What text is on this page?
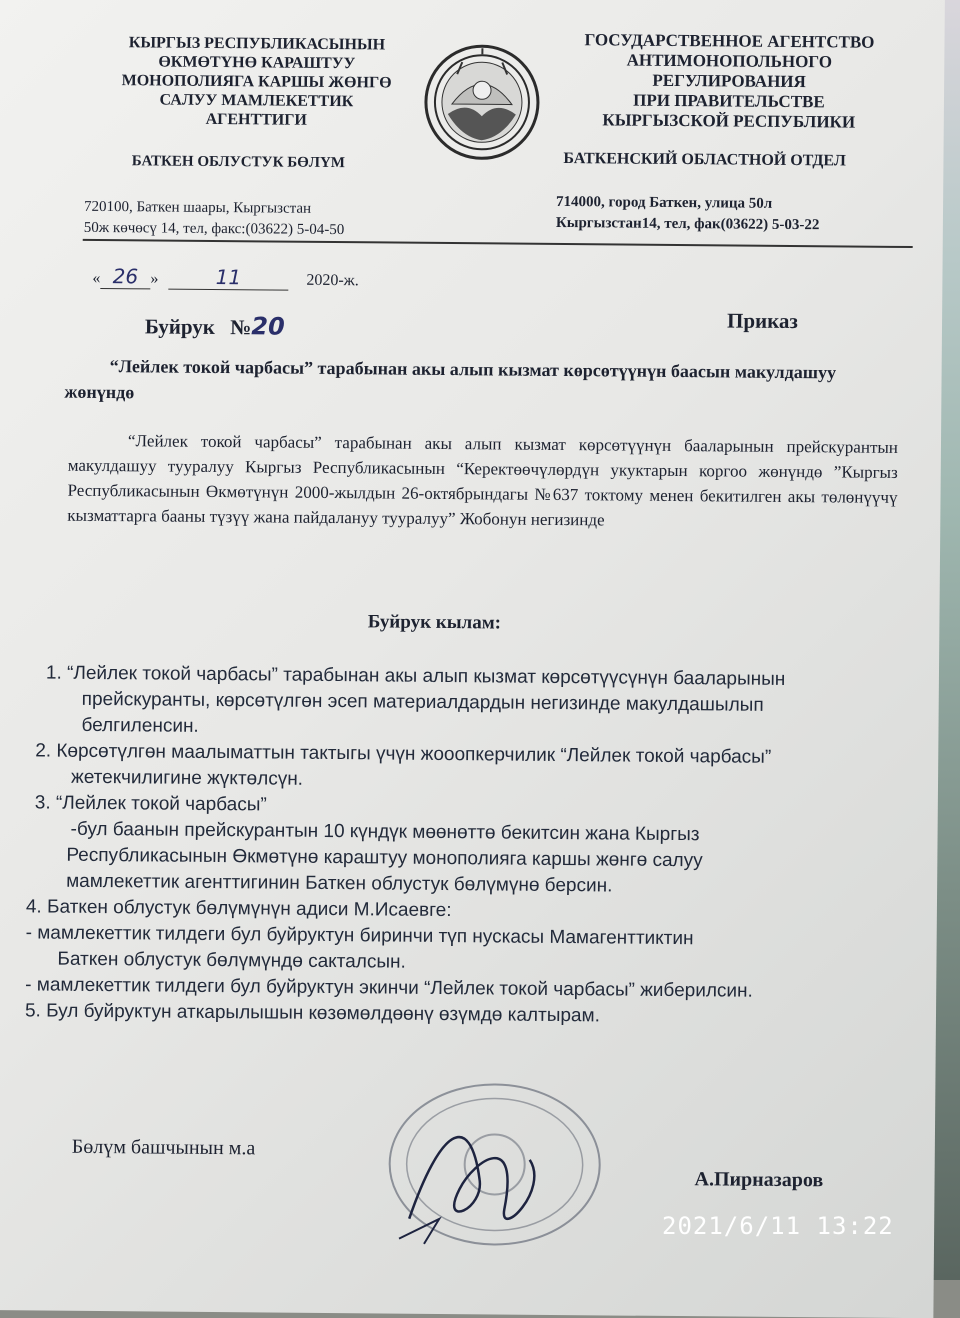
КЫРГЫЗ РЕСПУБЛИКАСЫНЫН
ӨКМӨТҮНӨ КАРАШТУУ
МОНОПОЛИЯГА КАРШЫ ЖӨНГӨ
САЛУУ МАМЛЕКЕТТИК
АГЕНТТИГИ
ГОСУДАРСТВЕННОЕ АГЕНТСТВО
АНТИМОНОПОЛЬНОГО
РЕГУЛИРОВАНИЯ
ПРИ ПРАВИТЕЛЬСТВЕ
КЫРГЫЗСКОЙ РЕСПУБЛИКИ
БАТКЕН ОБЛУСТУК БӨЛҮМ	БАТКЕНСКИЙ ОБЛАСТНОЙ ОТДЕЛ
720100, Баткен шаары, Кыргызстан
50ж көчөсү 14, тел, факс:(03622) 5-04-50
714000, город Баткен, улица 50л
Кыргызстан14, тел, фак(03622) 5-03-22
« 26 »	11	2020-ж.
Буйрук №20	Приказ
“Лейлек токой чарбасы” тарабынан акы алып кызмат көрсөтүүнүн баасын макулдашуу жөнүндө
“Лейлек токой чарбасы” тарабынан акы алып кызмат көрсөтүүнүн бааларынын прейскурантын макулдашуу тууралуу Кыргыз Республикасынын “Керектөөчүлөрдүн укуктарын коргоо жөнүндө ”Кыргыз Республикасынын Өкмөтүнүн 2000-жылдын 26-октябрындагы №637 токтому менен бекитилген акы төлөнүүчү кызматтарга бааны түзүү жана пайдалануу тууралуу” Жобонун негизинде
Буйрук кылам:

1. “Лейлек токой чарбасы” тарабынан акы алып кызмат көрсөтүүсүнүн бааларынын

прейскуранты, көрсөтүлгөн эсеп материалдардын негизинде макулдашылып

белгиленсин.

2. Көрсөтүлгөн маалыматтын тактыгы үчүн жооопкерчилик “Лейлек токой чарбасы”

жетекчилигине жүктөлсүн.

3. “Лейлек токой чарбасы”

-бул баанын прейскурантын 10 күндүк мөөнөттө бекитсин жана Кыргыз

Республикасынын Өкмөтүнө караштуу монополияга каршы жөнгө салуу

мамлекеттик агенттигинин Баткен облустук бөлүмүнө берсин.

4. Баткен облустук бөлүмүнүн адиси М.Исаевге:

- мамлекеттик тилдеги бул буйруктун биринчи түп нускасы Мамагенттиктин

Баткен облустук бөлүмүндө сакталсын.

- мамлекеттик тилдеги бул буйруктун экинчи “Лейлек токой чарбасы” жиберилсин.

5. Бул буйруктун аткарылышын көзөмөлдөөнү өзүмдө калтырам.

Бөлүм башчынын м.а
А.Пирназаров
2021/6/11 13:22
